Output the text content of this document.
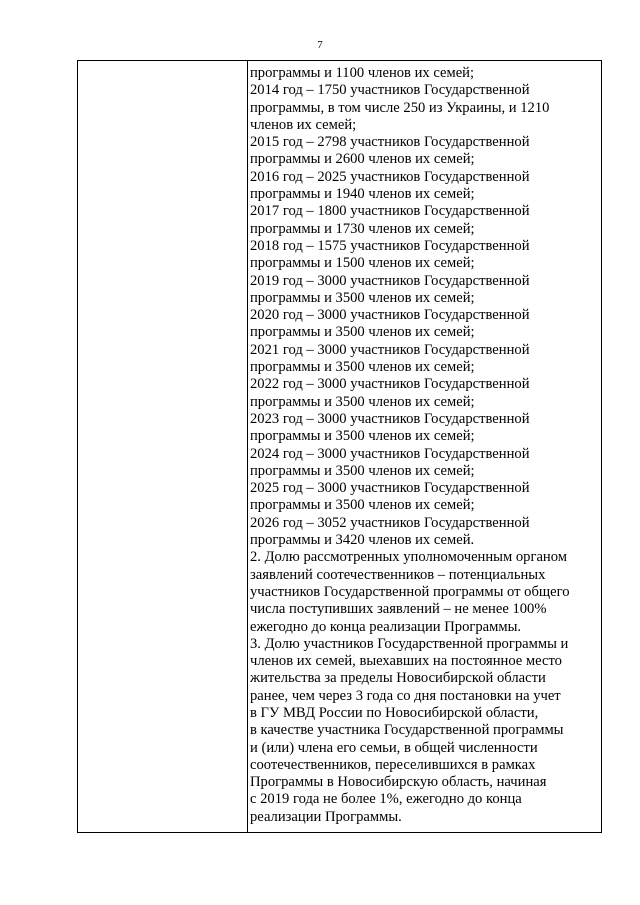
7
программы и 1100 членов их семей;
2014 год – 1750 участников Государственной
программы, в том числе 250 из Украины, и 1210
членов их семей;
2015 год – 2798 участников Государственной
программы и 2600 членов их семей;
2016 год – 2025 участников Государственной
программы и 1940 членов их семей;
2017 год – 1800 участников Государственной
программы и 1730 членов их семей;
2018 год – 1575 участников Государственной
программы и 1500 членов их семей;
2019 год – 3000 участников Государственной
программы и 3500 членов их семей;
2020 год – 3000 участников Государственной
программы и 3500 членов их семей;
2021 год – 3000 участников Государственной
программы и 3500 членов их семей;
2022 год – 3000 участников Государственной
программы и 3500 членов их семей;
2023 год – 3000 участников Государственной
программы и 3500 членов их семей;
2024 год – 3000 участников Государственной
программы и 3500 членов их семей;
2025 год – 3000 участников Государственной
программы и 3500 членов их семей;
2026 год – 3052 участников Государственной
программы и 3420 членов их семей.
2. Долю рассмотренных уполномоченным органом
заявлений соотечественников – потенциальных
участников Государственной программы от общего
числа поступивших заявлений – не менее 100%
ежегодно до конца реализации Программы.
3. Долю участников Государственной программы и
членов их семей, выехавших на постоянное место
жительства за пределы Новосибирской области
ранее, чем через 3 года со дня постановки на учет
в ГУ МВД России по Новосибирской области,
в качестве участника Государственной программы
и (или) члена его семьи, в общей численности
соотечественников, переселившихся в рамках
Программы в Новосибирскую область, начиная
с 2019 года не более 1%, ежегодно до конца
реализации Программы.
